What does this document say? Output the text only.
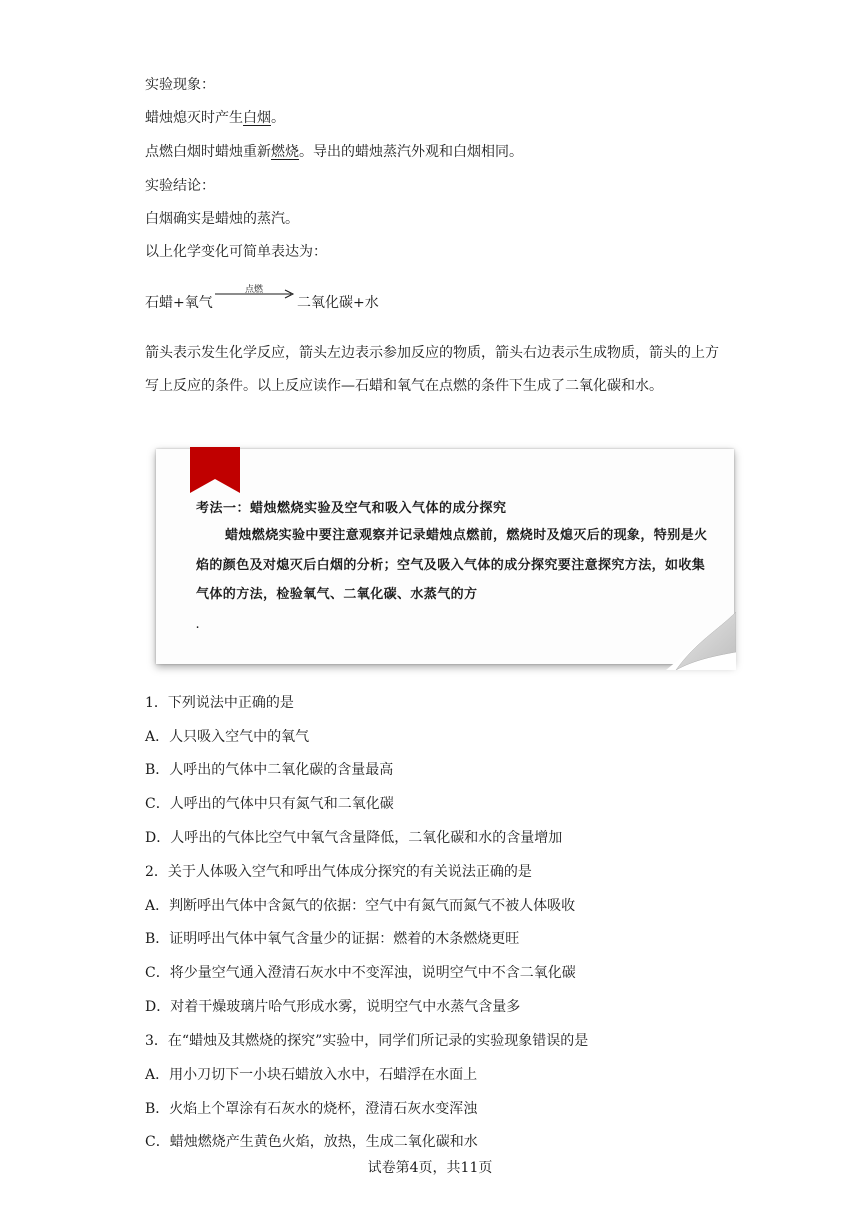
实验现象：
蜡烛熄灭时产生白烟。
点燃白烟时蜡烛重新燃烧。导出的蜡烛蒸汽外观和白烟相同。
实验结论：
白烟确实是蜡烛的蒸汽。
以上化学变化可简单表达为：
石蜡+氧气
点燃
二氧化碳+水
箭头表示发生化学反应，箭头左边表示参加反应的物质，箭头右边表示生成物质，箭头的上方写上反应的条件。以上反应读作—石蜡和氧气在点燃的条件下生成了二氧化碳和水。
考法一：蜡烛燃烧实验及空气和吸入气体的成分探究
蜡烛燃烧实验中要注意观察并记录蜡烛点燃前，燃烧时及熄灭后的现象，特别是火焰的颜色及对熄灭后白烟的分析；空气及吸入气体的成分探究要注意探究方法，如收集气体的方法，检验氧气、二氧化碳、水蒸气的方
.
1．下列说法中正确的是
A．人只吸入空气中的氧气
B．人呼出的气体中二氧化碳的含量最高
C．人呼出的气体中只有氮气和二氧化碳
D．人呼出的气体比空气中氧气含量降低，二氧化碳和水的含量增加
2．关于人体吸入空气和呼出气体成分探究的有关说法正确的是
A．判断呼出气体中含氮气的依据：空气中有氮气而氮气不被人体吸收
B．证明呼出气体中氧气含量少的证据：燃着的木条燃烧更旺
C．将少量空气通入澄清石灰水中不变浑浊，说明空气中不含二氧化碳
D．对着干燥玻璃片哈气形成水雾，说明空气中水蒸气含量多
3．在“蜡烛及其燃烧的探究”实验中，同学们所记录的实验现象错误的是
A．用小刀切下一小块石蜡放入水中，石蜡浮在水面上
B．火焰上个罩涂有石灰水的烧杯，澄清石灰水变浑浊
C．蜡烛燃烧产生黄色火焰，放热，生成二氧化碳和水
试卷第4页，共11页
